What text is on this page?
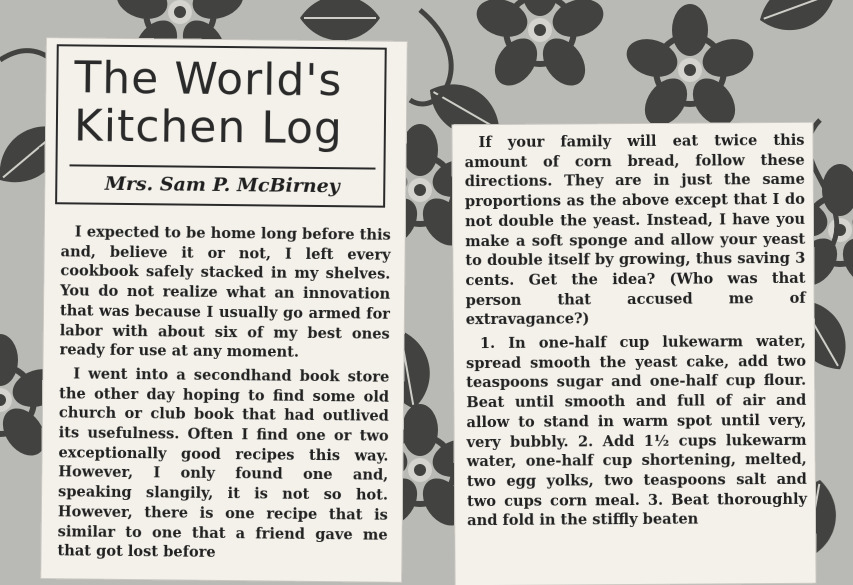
The World's
Kitchen Log
Mrs. Sam P. McBirney

I expected to be home long before this and, believe it or not, I left every cookbook safely stacked in my shelves. You do not realize what an innovation that was because I usually go armed for labor with about six of my best ones ready for use at any moment.

I went into a secondhand book store the other day hoping to find some old church or club book that had outlived its usefulness. Often I find one or two exceptionally good recipes this way. However, I only found one and, speaking slangily, it is not so hot. However, there is one recipe that is similar to one that a friend gave me that got lost before

If your family will eat twice this amount of corn bread, follow these directions. They are in just the same proportions as the above except that I do not double the yeast. Instead, I have you make a soft sponge and allow your yeast to double itself by growing, thus saving 3 cents. Get the idea? (Who was that person that accused me of extravagance?)

1. In one-half cup lukewarm water, spread smooth the yeast cake, add two teaspoons sugar and one-half cup flour. Beat until smooth and full of air and allow to stand in warm spot until very, very bubbly. 2. Add 1½ cups lukewarm water, one-half cup shortening, melted, two egg yolks, two teaspoons salt and two cups corn meal. 3. Beat thoroughly and fold in the stiffly beaten
